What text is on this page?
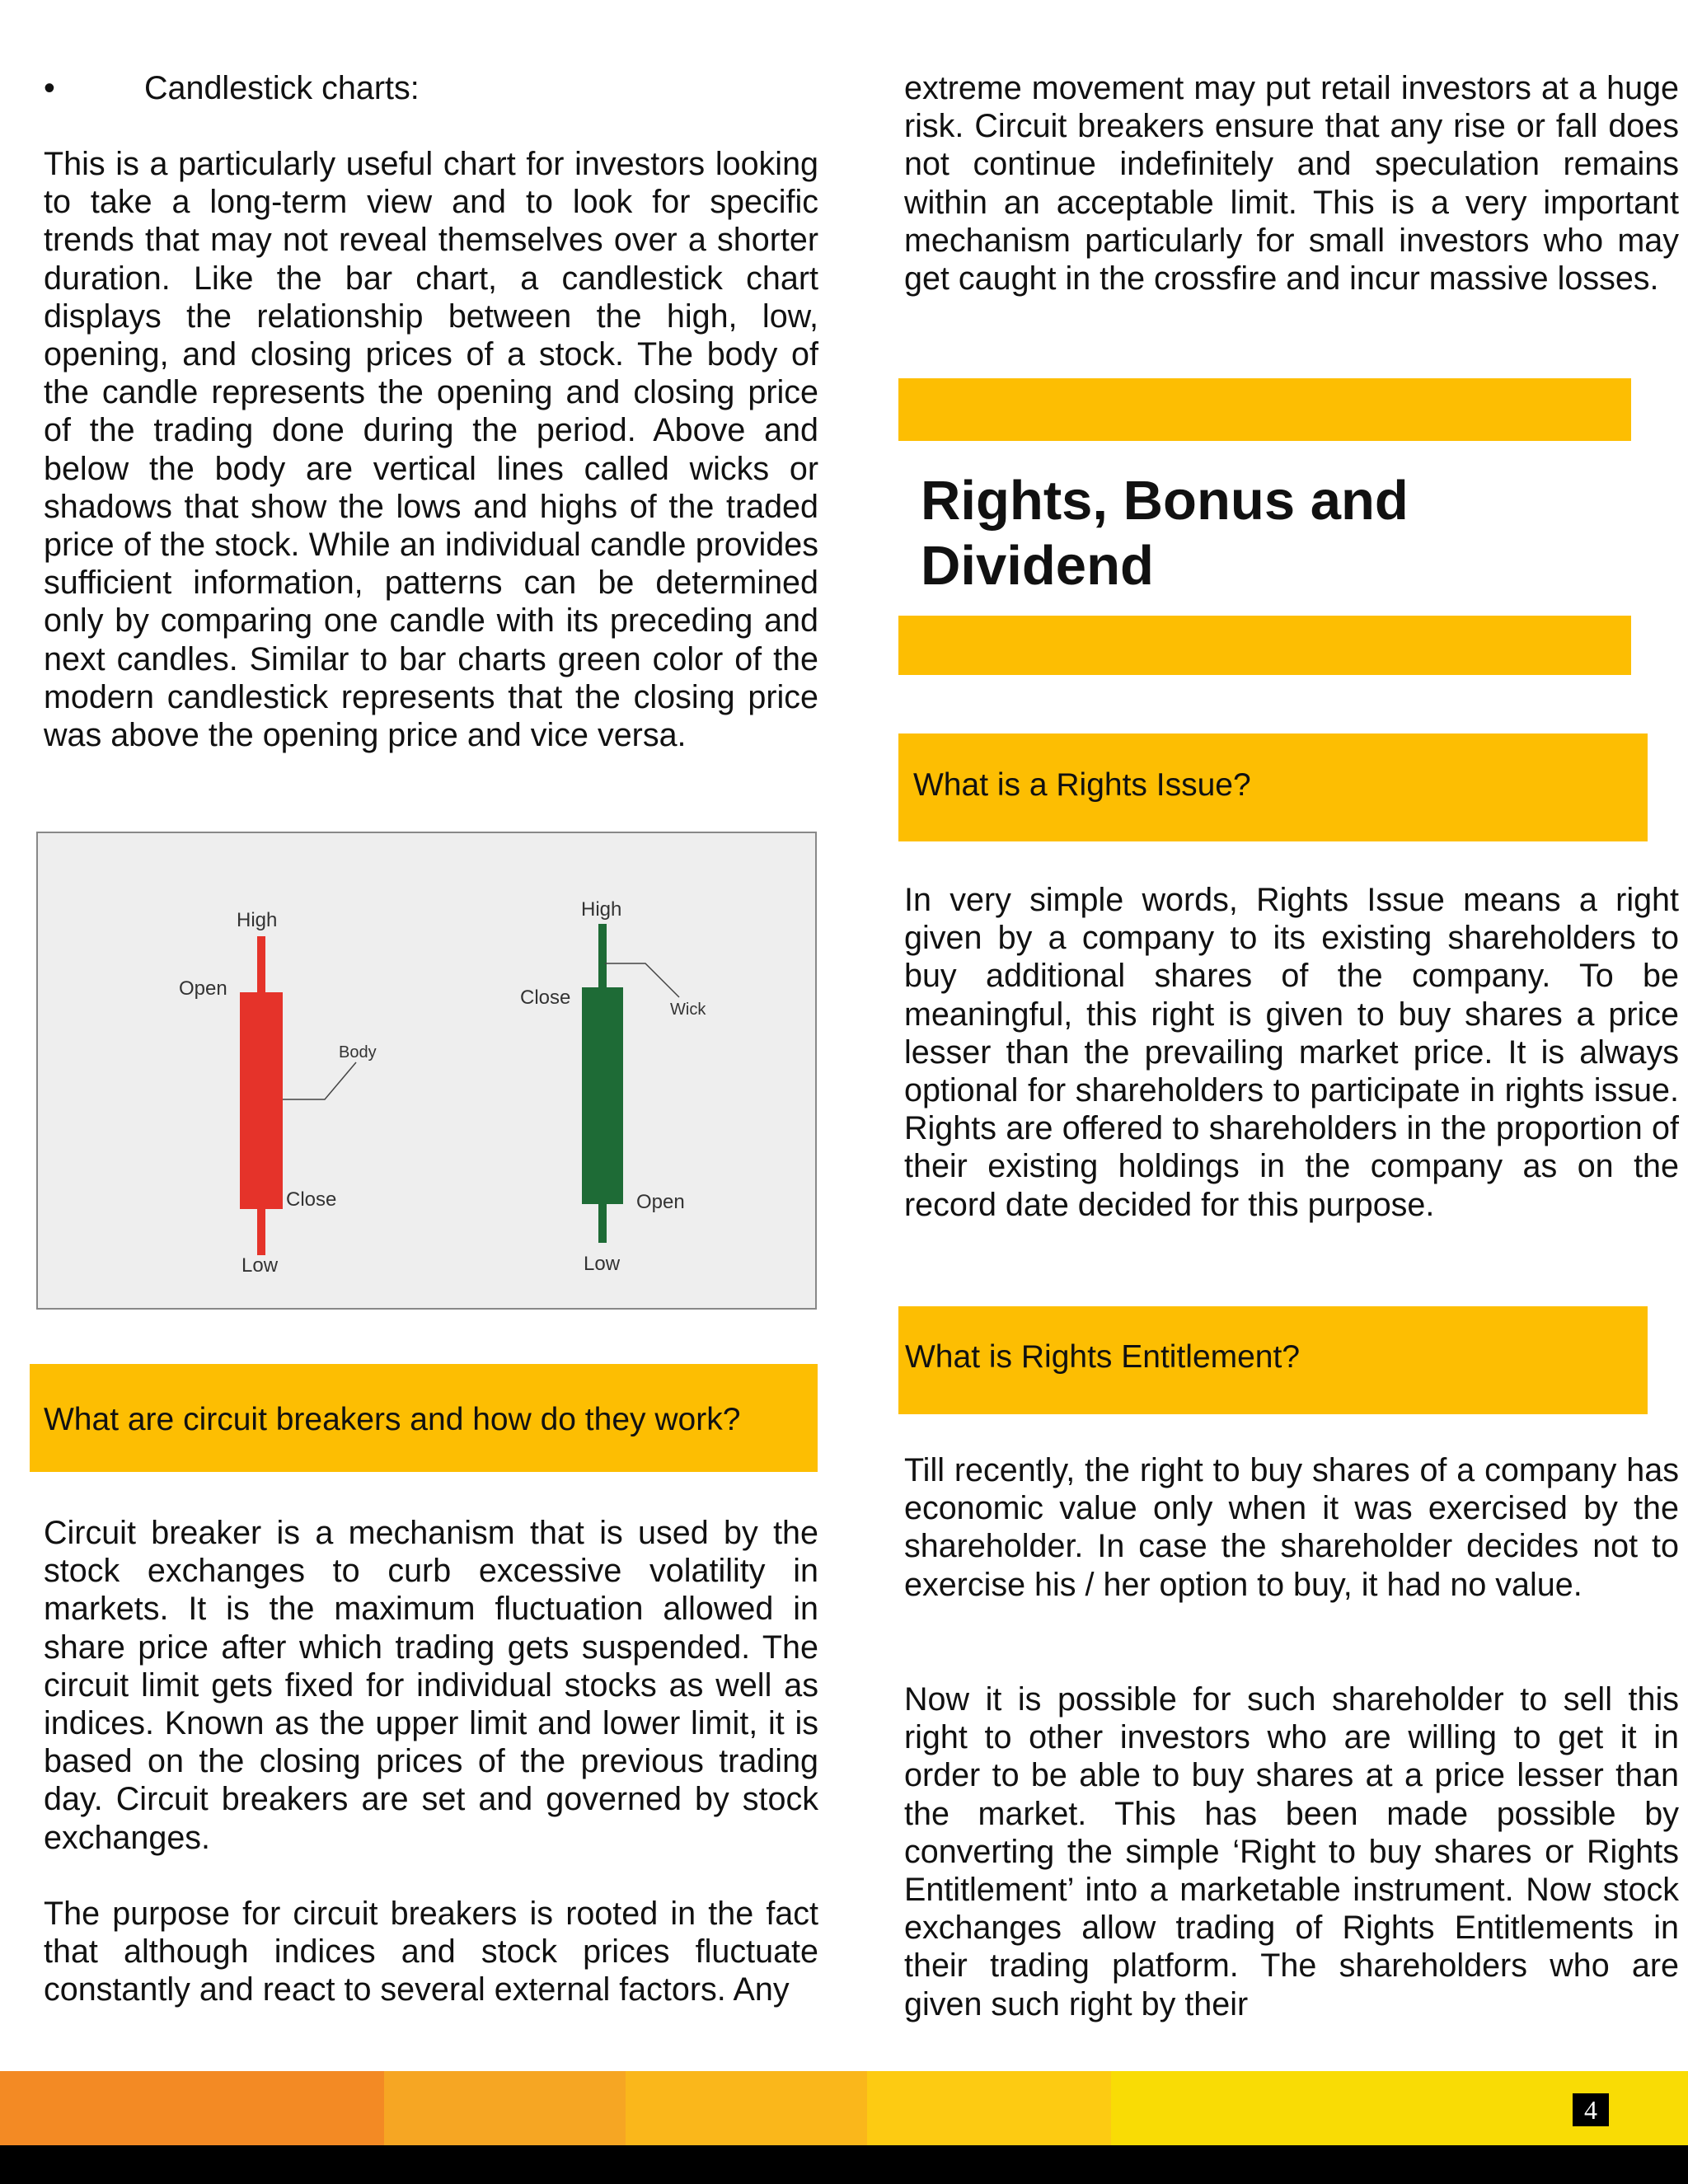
•	Candlestick charts:

This is a particularly useful chart for investors looking to take a long-term view and to look for specific trends that may not reveal themselves over a shorter duration. Like the bar chart, a candlestick chart displays the relationship between the high, low, opening, and closing prices of a stock. The body of the candle represents the opening and closing price of the trading done during the period. Above and below the body are vertical lines called wicks or shadows that show the lows and highs of the traded price of the stock. While an individual candle provides sufficient information, patterns can be determined only by comparing one candle with its preceding and next candles. Similar to bar charts green color of the modern candlestick represents that the closing price was above the opening price and vice versa.

Circuit breaker is a mechanism that is used by the stock exchanges to curb excessive volatility in markets. It is the maximum fluctuation allowed in share price after which trading gets suspended. The circuit limit gets fixed for individual stocks as well as indices. Known as the upper limit and lower limit, it is based on the closing prices of the previous trading day. Circuit breakers are set and governed by stock exchanges.

The purpose for circuit breakers is rooted in the fact that although indices and stock prices fluctuate constantly and react to several external factors. Any

High
Open
Body
Close
Low
High
Close
Wick
Open
Low
What are circuit breakers and how do they work?

extreme movement may put retail investors at a huge risk. Circuit breakers ensure that any rise or fall does not continue indefinitely and speculation remains within an acceptable limit. This is a very important mechanism particularly for small investors who may get caught in the crossfire and incur massive losses.

In very simple words, Rights Issue means a right given by a company to its existing shareholders to buy additional shares of the company. To be meaningful, this right is given to buy shares a price lesser than the prevailing market price. It is always optional for shareholders to participate in rights issue. Rights are offered to shareholders in the proportion of their existing holdings in the company as on the record date decided for this purpose.

Till recently, the right to buy shares of a company has economic value only when it was exercised by the shareholder. In case the shareholder decides not to exercise his / her option to buy, it had no value.

Now it is possible for such shareholder to sell this right to other investors who are willing to get it in order to be able to buy shares at a price lesser than the market. This has been made possible by converting the simple ‘Right to buy shares or Rights Entitlement’ into a marketable instrument. Now stock exchanges allow trading of Rights Entitlements in their trading platform. The shareholders who are given such right by their

Rights, Bonus and Dividend
What is a Rights Issue?
What is Rights Entitlement?
4
